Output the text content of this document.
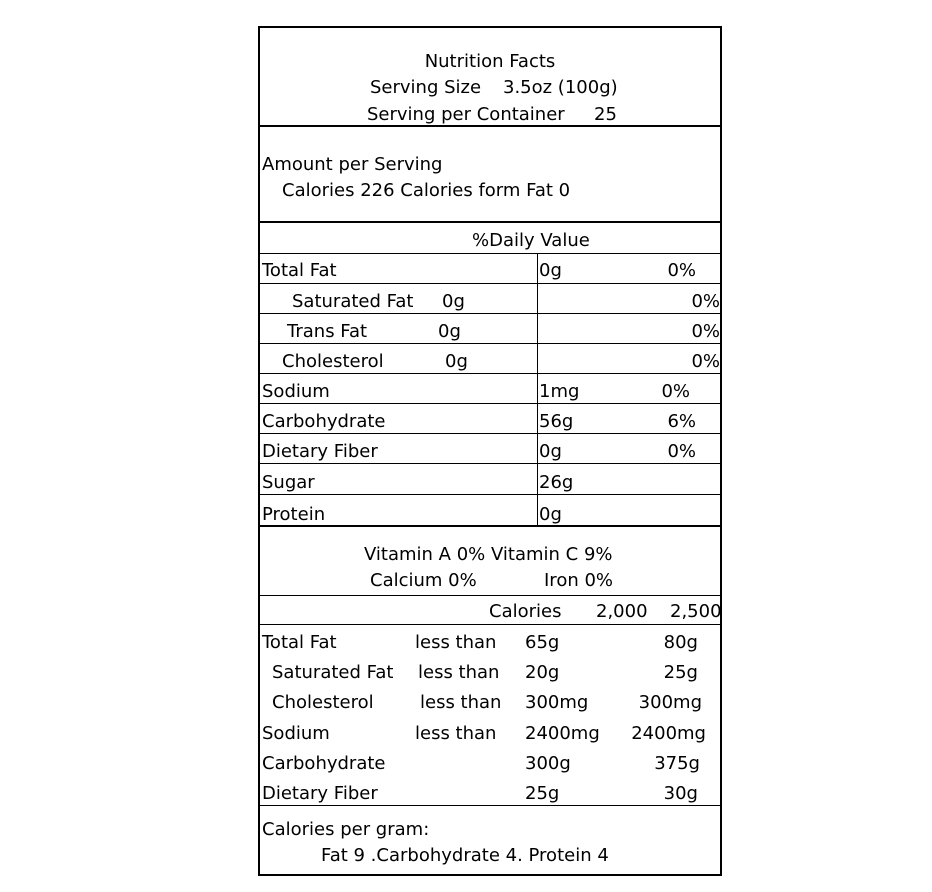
Nutrition Facts
Serving Size 3.5oz (100g)
Serving per Container 25
Amount per Serving
Calories 226 Calories form Fat 0
%Daily Value
Total Fat	0g	0%
Saturated Fat 0g	0%
Trans Fat	0g	0%
Cholesterol	0g	0%
Sodium	1mg	0%
Carbohydrate	56g	6%
Dietary Fiber	0g	0%
Sugar	26g
Protein	0g
Vitamin A 0% Vitamin C 9%
Calcium 0%	Iron 0%
Calories 2,000 2,500
Total Fat	less than 65g	80g
Saturated Fat less than 20g	25g
Cholesterol	less than 300mg	300mg
Sodium	less than 2400mg	2400mg
Carbohydrate	300g	375g
Dietary Fiber	25g	30g
Calories per gram:
Fat 9 .Carbohydrate 4. Protein 4
